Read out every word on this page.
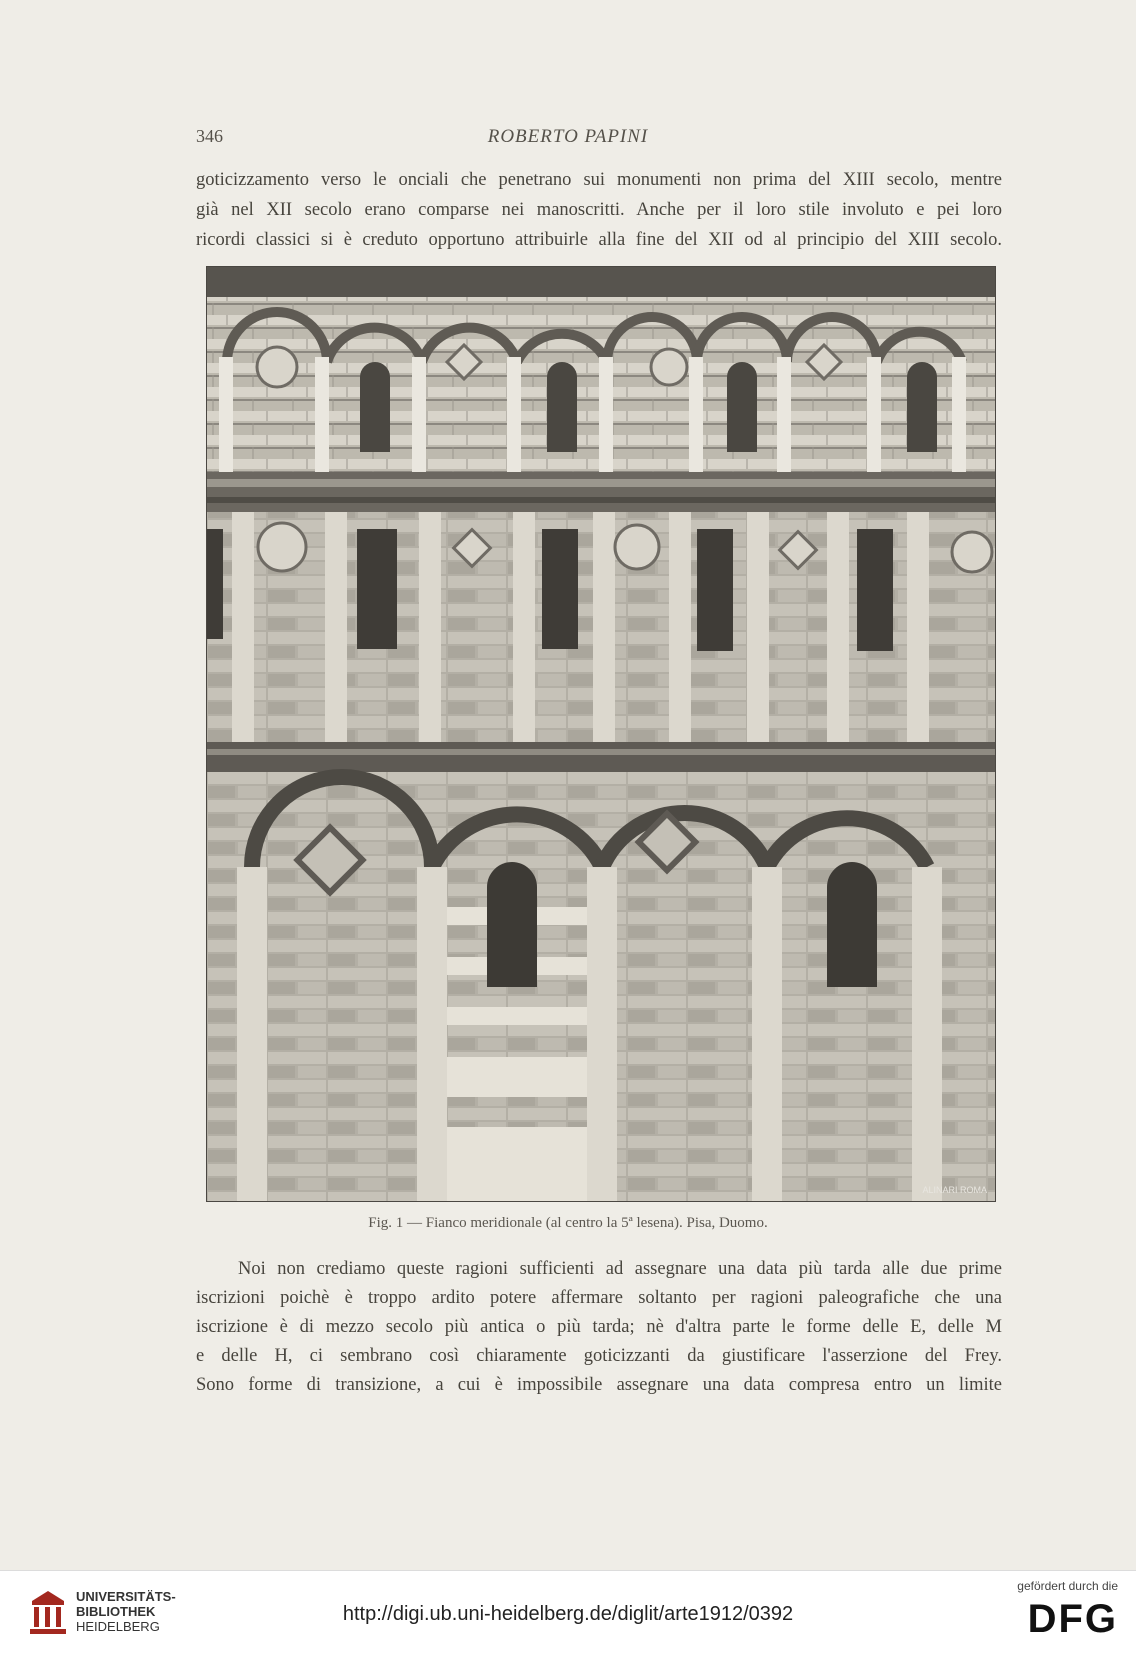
346	ROBERTO PAPINI
goticizzamento verso le onciali che penetrano sui monumenti non prima del XIII secolo, mentre
già nel XII secolo erano comparse nei manoscritti. Anche per il loro stile involuto e pei loro
ricordi classici si è creduto opportuno attribuirle alla fine del XII od al principio del XIII secolo.
ALINARI ROMA
Fig. 1 — Fianco meridionale (al centro la 5ª lesena). Pisa, Duomo.
Noi non crediamo queste ragioni sufficienti ad assegnare una data più tarda alle due prime
iscrizioni poichè è troppo ardito potere affermare soltanto per ragioni paleografiche che una
iscrizione è di mezzo secolo più antica o più tarda; nè d'altra parte le forme delle E, delle M
e delle H, ci sembrano così chiaramente goticizzanti da giustificare l'asserzione del Frey.
Sono forme di transizione, a cui è impossibile assegnare una data compresa entro un limite
UNIVERSITÄTS-
BIBLIOTHEK
HEIDELBERG
http://digi.ub.uni-heidelberg.de/diglit/arte1912/0392
gefördert durch die
DFG
